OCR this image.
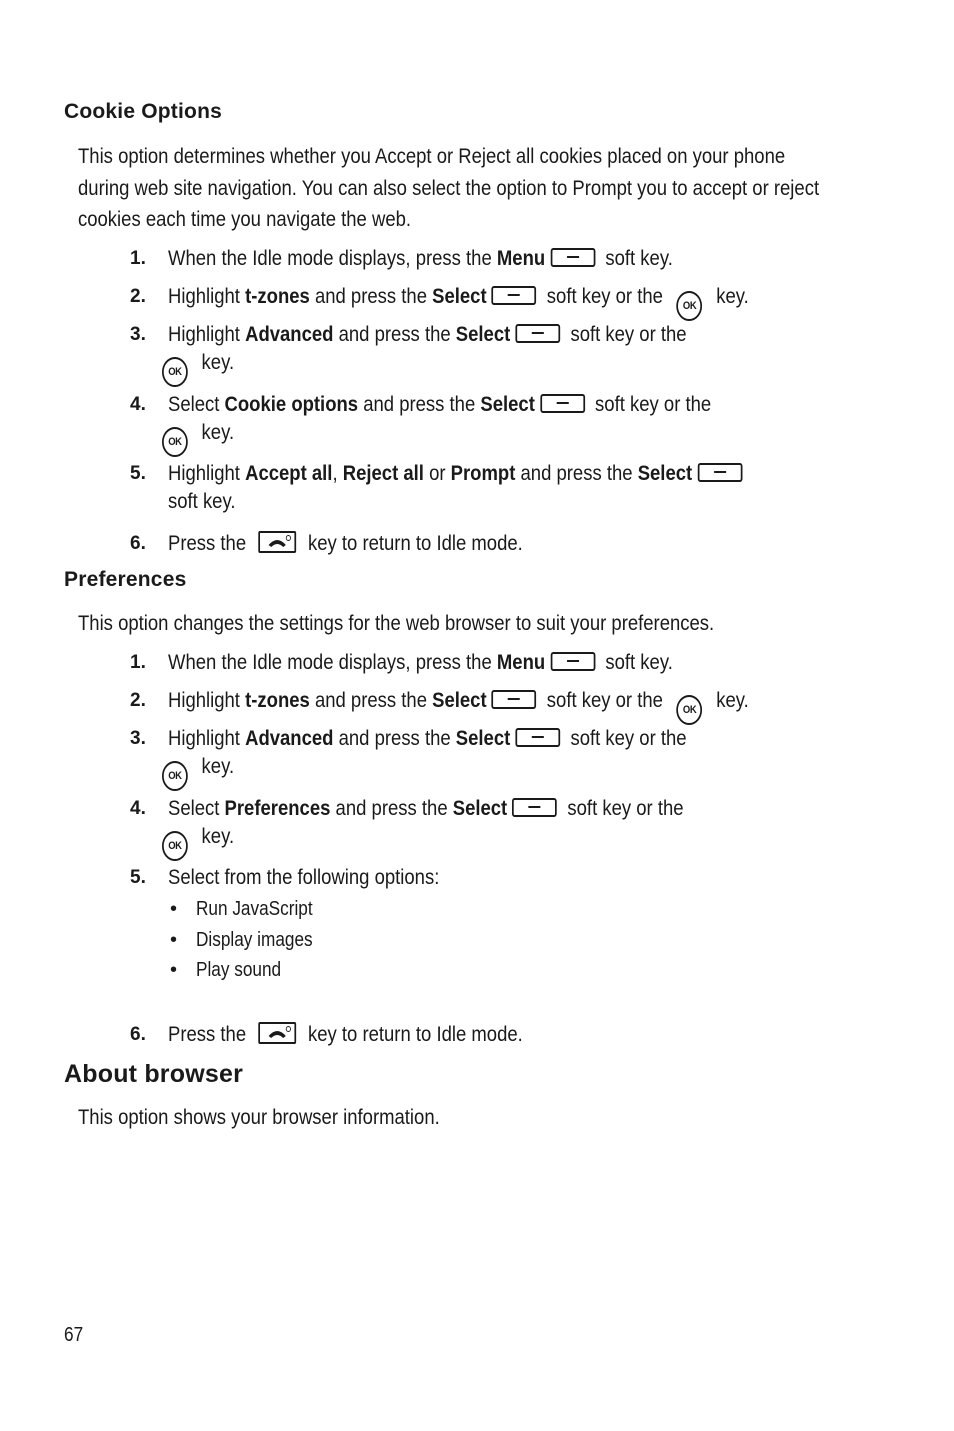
Cookie Options
This option determines whether you Accept or Reject all cookies placed on your phone during web site navigation. You can also select the option to Prompt you to accept or reject cookies each time you navigate the web.
1. When the Idle mode displays, press the Menu	soft key.
2. Highlight t-zones and press the Select	soft key or the OK key.
3. Highlight Advanced and press the Select	soft key or the
OK key.
4. Select Cookie options and press the Select	soft key or the
OK key.
5. Highlight Accept all, Reject all or Prompt and press the Select
soft key.
6. Press the
key to return to Idle mode.
Preferences
This option changes the settings for the web browser to suit your preferences.
1. When the Idle mode displays, press the Menu	soft key.
2. Highlight t-zones and press the Select	soft key or the OK key.
3. Highlight Advanced and press the Select	soft key or the
OK key.
4. Select Preferences and press the Select	soft key or the
OK key.
5. Select from the following options:
• Run JavaScript
• Display images
• Play sound
6. Press the
key to return to Idle mode.
About browser
This option shows your browser information.
67
